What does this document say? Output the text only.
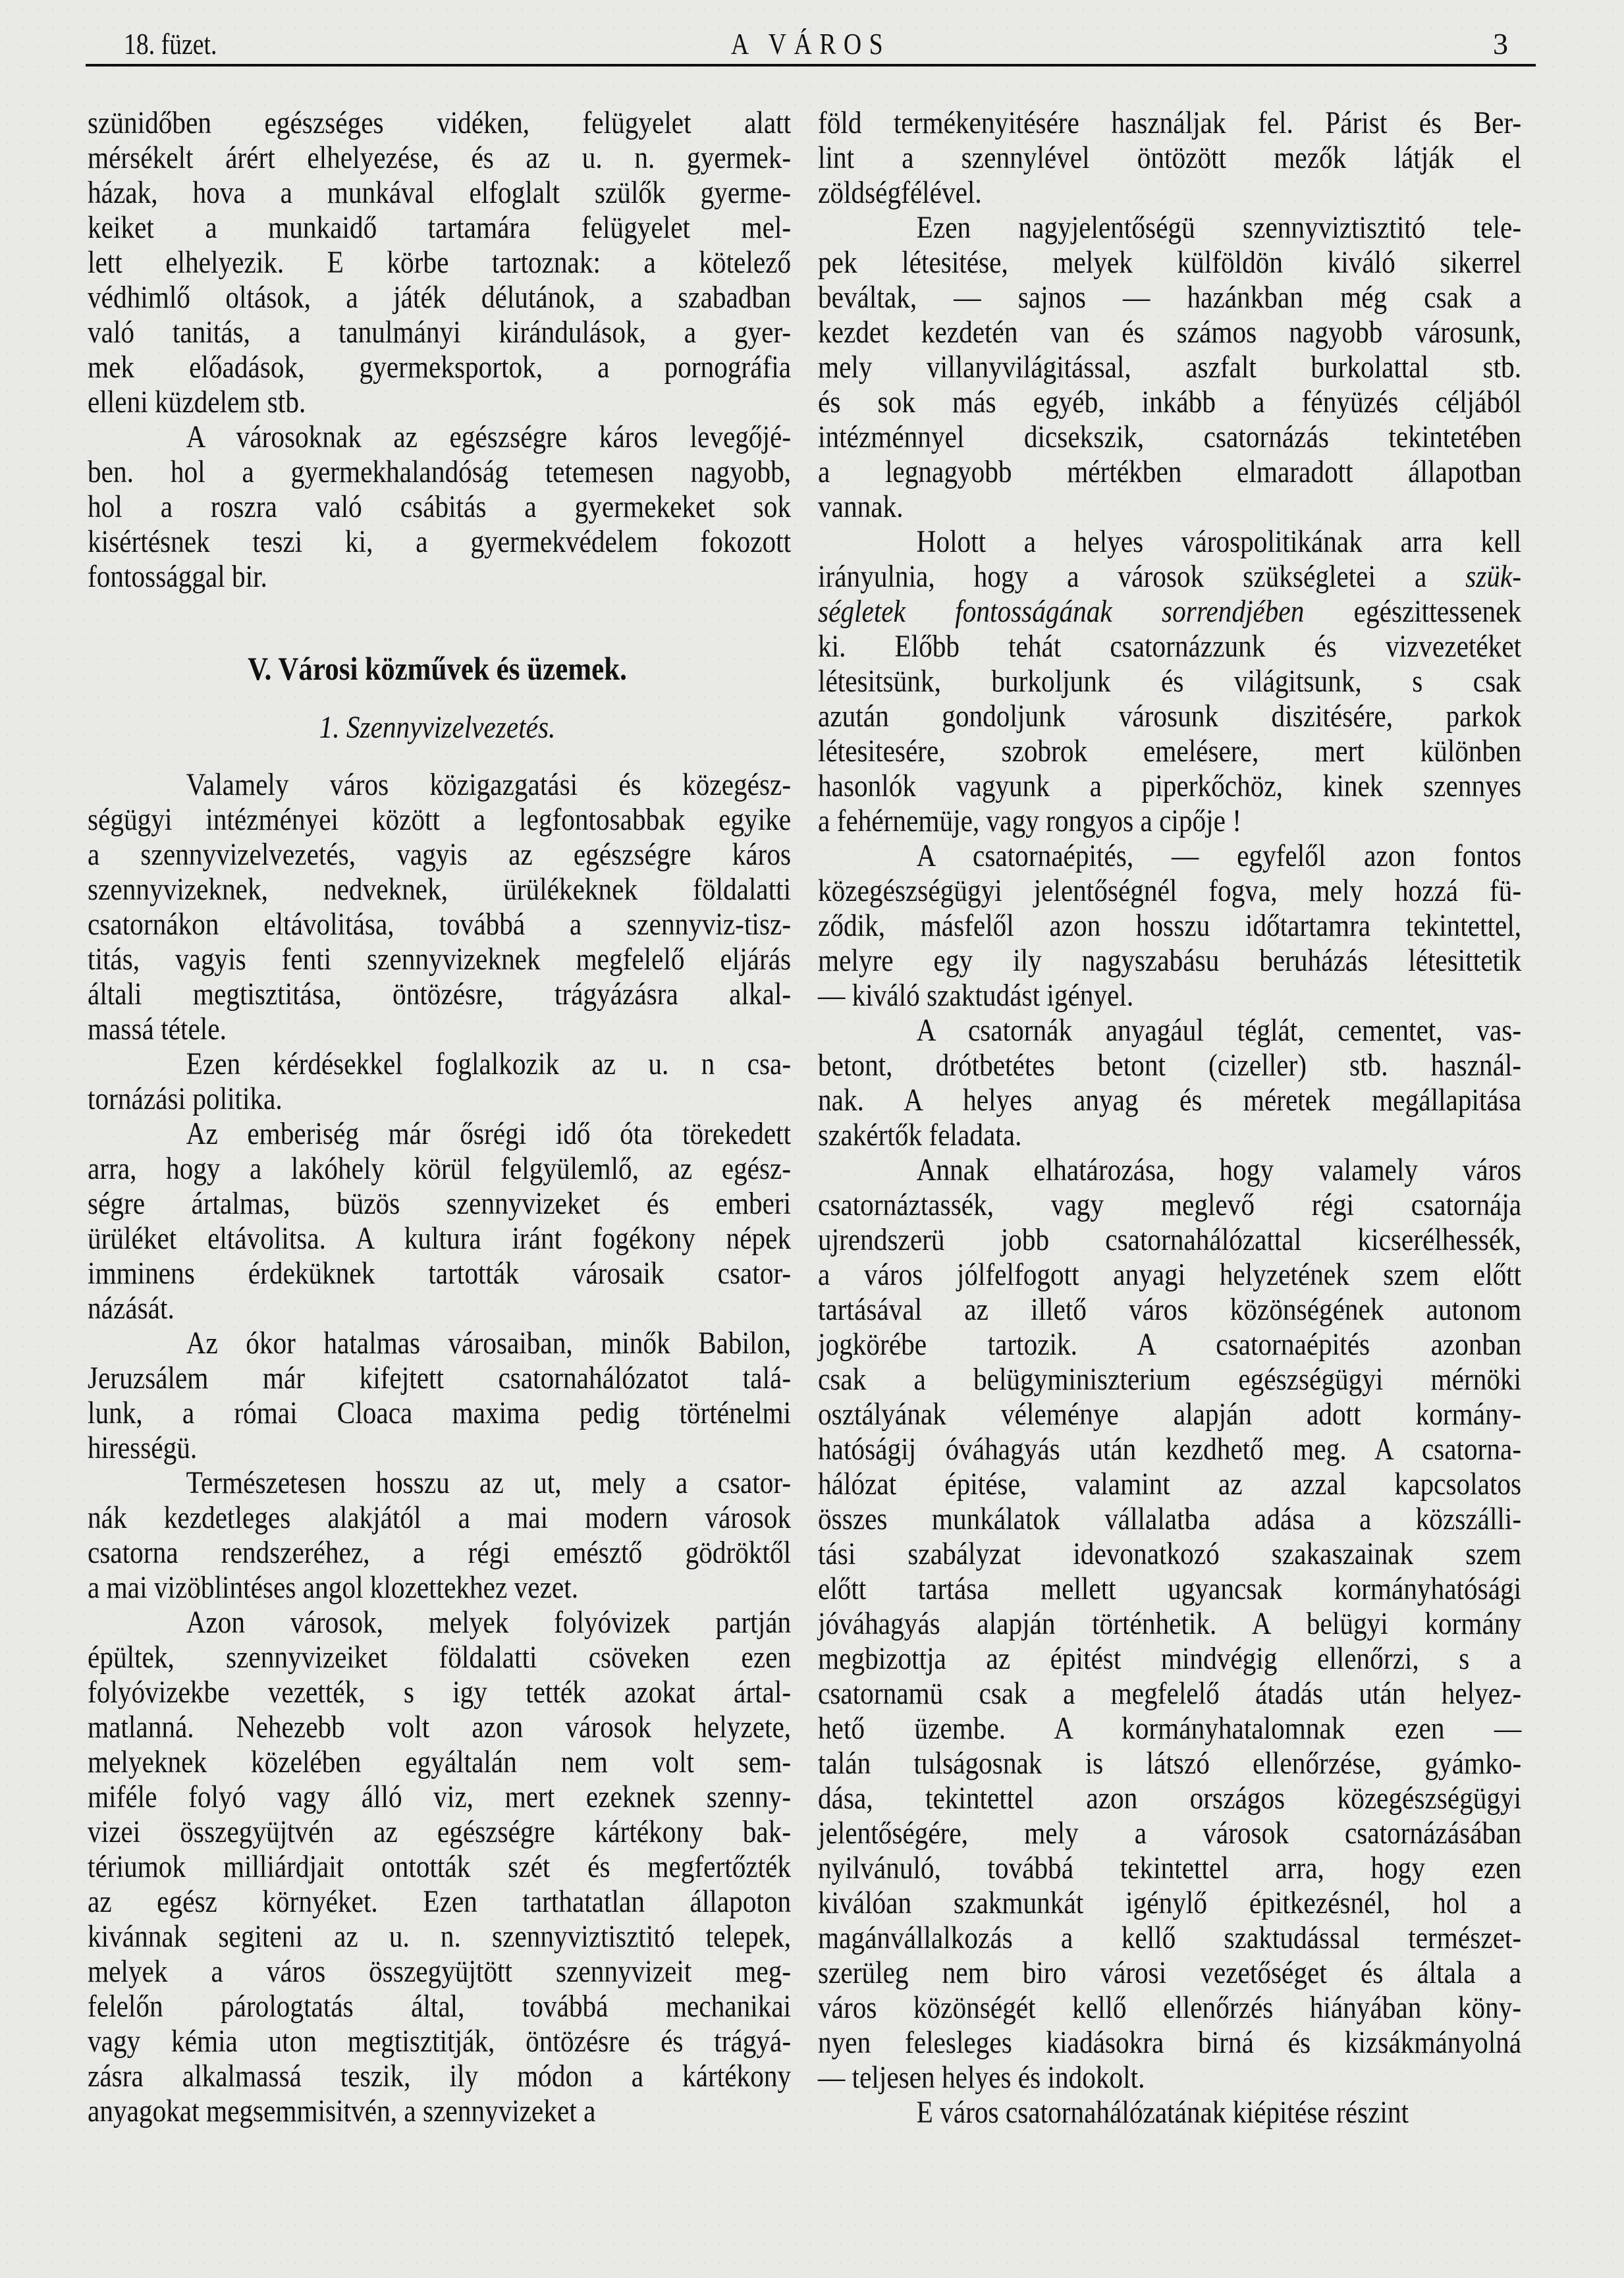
18. füzet.	A VÁROS	3
szünidőben egészséges vidéken, felügyelet alatt
mérsékelt árért elhelyezése, és az u. n. gyermek-
házak, hova a munkával elfoglalt szülők gyerme-
keiket a munkaidő tartamára felügyelet mel-
lett elhelyezik. E körbe tartoznak: a kötelező
védhimlő oltások, a játék délutánok, a szabadban
való tanitás, a tanulmányi kirándulások, a gyer-
mek előadások, gyermeksportok, a pornográfia
elleni küzdelem stb.
A városoknak az egészségre káros levegőjé-
ben. hol a gyermekhalandóság tetemesen nagyobb,
hol a roszra való csábitás a gyermekeket sok
kisértésnek teszi ki, a gyermekvédelem fokozott
fontossággal bir.
V. Városi közművek és üzemek.
1. Szennyvizelvezetés.
Valamely város közigazgatási és közegész-
ségügyi intézményei között a legfontosabbak egyike
a szennyvizelvezetés, vagyis az egészségre káros
szennyvizeknek, nedveknek, ürülékeknek földalatti
csatornákon eltávolitása, továbbá a szennyviz-tisz-
titás, vagyis fenti szennyvizeknek megfelelő eljárás
általi megtisztitása, öntözésre, trágyázásra alkal-
massá tétele.
Ezen kérdésekkel foglalkozik az u. n csa-
tornázási politika.
Az emberiség már ősrégi idő óta törekedett
arra, hogy a lakóhely körül felgyülemlő, az egész-
ségre ártalmas, büzös szennyvizeket és emberi
ürüléket eltávolitsa. A kultura iránt fogékony népek
imminens érdeküknek tartották városaik csator-
názását.
Az ókor hatalmas városaiban, minők Babilon,
Jeruzsálem már kifejtett csatornahálózatot talá-
lunk, a római Cloaca maxima pedig történelmi
hirességü.
Természetesen hosszu az ut, mely a csator-
nák kezdetleges alakjától a mai modern városok
csatorna rendszeréhez, a régi emésztő gödröktől
a mai vizöblintéses angol klozettekhez vezet.
Azon városok, melyek folyóvizek partján
épültek, szennyvizeiket földalatti csöveken ezen
folyóvizekbe vezették, s igy tették azokat ártal-
matlanná. Nehezebb volt azon városok helyzete,
melyeknek közelében egyáltalán nem volt sem-
miféle folyó vagy álló viz, mert ezeknek szenny-
vizei összegyüjtvén az egészségre kártékony bak-
tériumok milliárdjait ontották szét és megfertőzték
az egész környéket. Ezen tarthatatlan állapoton
kivánnak segiteni az u. n. szennyviztisztitó telepek,
melyek a város összegyüjtött szennyvizeit meg-
felelőn párologtatás által, továbbá mechanikai
vagy kémia uton megtisztitják, öntözésre és trágyá-
zásra alkalmassá teszik, ily módon a kártékony
anyagokat megsemmisitvén, a szennyvizeket a
föld termékenyitésére használjak fel. Párist és Ber-
lint a szennylével öntözött mezők látják el
zöldségfélével.
Ezen nagyjelentőségü szennyviztisztitó tele-
pek létesitése, melyek külföldön kiváló sikerrel
beváltak, — sajnos — hazánkban még csak a
kezdet kezdetén van és számos nagyobb városunk,
mely villanyvilágitással, aszfalt burkolattal stb.
és sok más egyéb, inkább a fényüzés céljából
intézménnyel dicsekszik, csatornázás tekintetében
a legnagyobb mértékben elmaradott állapotban
vannak.
Holott a helyes várospolitikának arra kell
irányulnia, hogy a városok szükségletei a szük-
ségletek fontosságának sorrendjében egészittessenek
ki. Előbb tehát csatornázzunk és vizvezetéket
létesitsünk, burkoljunk és világitsunk, s csak
azután gondoljunk városunk diszitésére, parkok
létesitesére, szobrok emelésere, mert különben
hasonlók vagyunk a piperkőchöz, kinek szennyes
a fehérnemüje, vagy rongyos a cipője !
A csatornaépités, — egyfelől azon fontos
közegészségügyi jelentőségnél fogva, mely hozzá fü-
ződik, másfelől azon hosszu időtartamra tekintettel,
melyre egy ily nagyszabásu beruházás létesittetik
— kiváló szaktudást igényel.
A csatornák anyagául téglát, cementet, vas-
betont, drótbetétes betont (cizeller) stb. használ-
nak. A helyes anyag és méretek megállapitása
szakértők feladata.
Annak elhatározása, hogy valamely város
csatornáztassék, vagy meglevő régi csatornája
ujrendszerü jobb csatornahálózattal kicserélhessék,
a város jólfelfogott anyagi helyzetének szem előtt
tartásával az illető város közönségének autonom
jogkörébe tartozik. A csatornaépités azonban
csak a belügyminiszterium egészségügyi mérnöki
osztályának véleménye alapján adott kormány-
hatóságij óváhagyás után kezdhető meg. A csatorna-
hálózat épitése, valamint az azzal kapcsolatos
összes munkálatok vállalatba adása a közszálli-
tási szabályzat idevonatkozó szakaszainak szem
előtt tartása mellett ugyancsak kormányhatósági
jóváhagyás alapján történhetik. A belügyi kormány
megbizottja az épitést mindvégig ellenőrzi, s a
csatornamü csak a megfelelő átadás után helyez-
hető üzembe. A kormányhatalomnak ezen —
talán tulságosnak is látszó ellenőrzése, gyámko-
dása, tekintettel azon országos közegészségügyi
jelentőségére, mely a városok csatornázásában
nyilvánuló, továbbá tekintettel arra, hogy ezen
kiválóan szakmunkát igénylő épitkezésnél, hol a
magánvállalkozás a kellő szaktudással természet-
szerüleg nem biro városi vezetőséget és általa a
város közönségét kellő ellenőrzés hiányában köny-
nyen felesleges kiadásokra birná és kizsákmányolná
— teljesen helyes és indokolt.
E város csatornahálózatának kiépitése részint
